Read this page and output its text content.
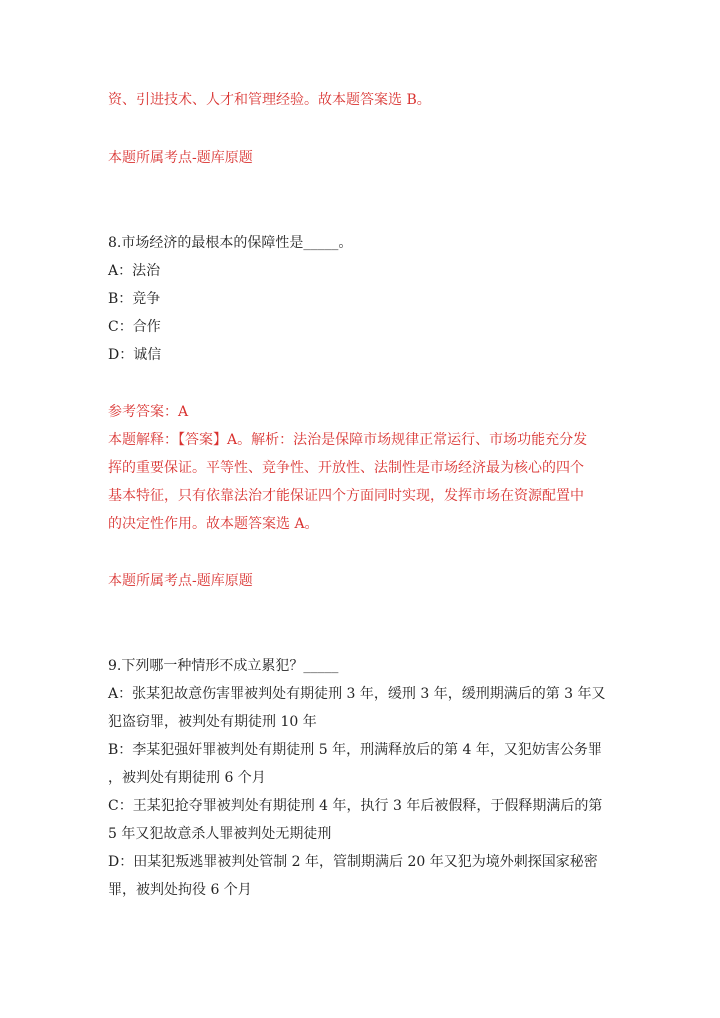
资、引进技术、人才和管理经验。故本题答案选 B。
本题所属考点-题库原题
8.市场经济的最根本的保障性是_____。
A：法治
B：竞争
C：合作
D：诚信
参考答案：A
本题解释：【答案】A。解析：法治是保障市场规律正常运行、市场功能充分发
挥的重要保证。平等性、竞争性、开放性、法制性是市场经济最为核心的四个
基本特征，只有依靠法治才能保证四个方面同时实现，发挥市场在资源配置中
的决定性作用。故本题答案选 A。
本题所属考点-题库原题
9.下列哪一种情形不成立累犯？_____
A：张某犯故意伤害罪被判处有期徒刑 3 年，缓刑 3 年，缓刑期满后的第 3 年又
犯盗窃罪，被判处有期徒刑 10 年
B：李某犯强奸罪被判处有期徒刑 5 年，刑满释放后的第 4 年，又犯妨害公务罪
，被判处有期徒刑 6 个月
C：王某犯抢夺罪被判处有期徒刑 4 年，执行 3 年后被假释，于假释期满后的第
5 年又犯故意杀人罪被判处无期徒刑
D：田某犯叛逃罪被判处管制 2 年，管制期满后 20 年又犯为境外刺探国家秘密
罪，被判处拘役 6 个月
